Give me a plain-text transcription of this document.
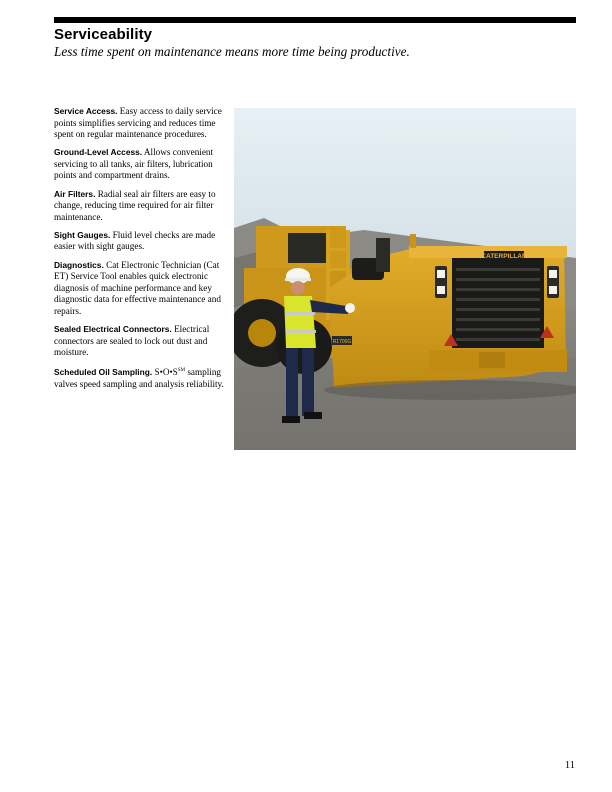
Serviceability
Less time spent on maintenance means more time being productive.

Service Access. Easy access to daily service points simplifies servicing and reduces time spent on regular maintenance procedures.

Ground-Level Access. Allows convenient servicing to all tanks, air filters, lubrication points and compartment drains.

Air Filters. Radial seal air filters are easy to change, reducing time required for air filter maintenance.

Sight Gauges. Fluid level checks are made easier with sight gauges.

Diagnostics. Cat Electronic Technician (Cat ET) Service Tool enables quick electronic diagnosis of machine performance and key diagnostic data for effective maintenance and repairs.

Sealed Electrical Connectors. Electrical connectors are sealed to lock out dust and moisture.

Scheduled Oil Sampling. S•O•S℠ sampling valves speed sampling and analysis reliability.

CATERPILLAR
R1700G
11
